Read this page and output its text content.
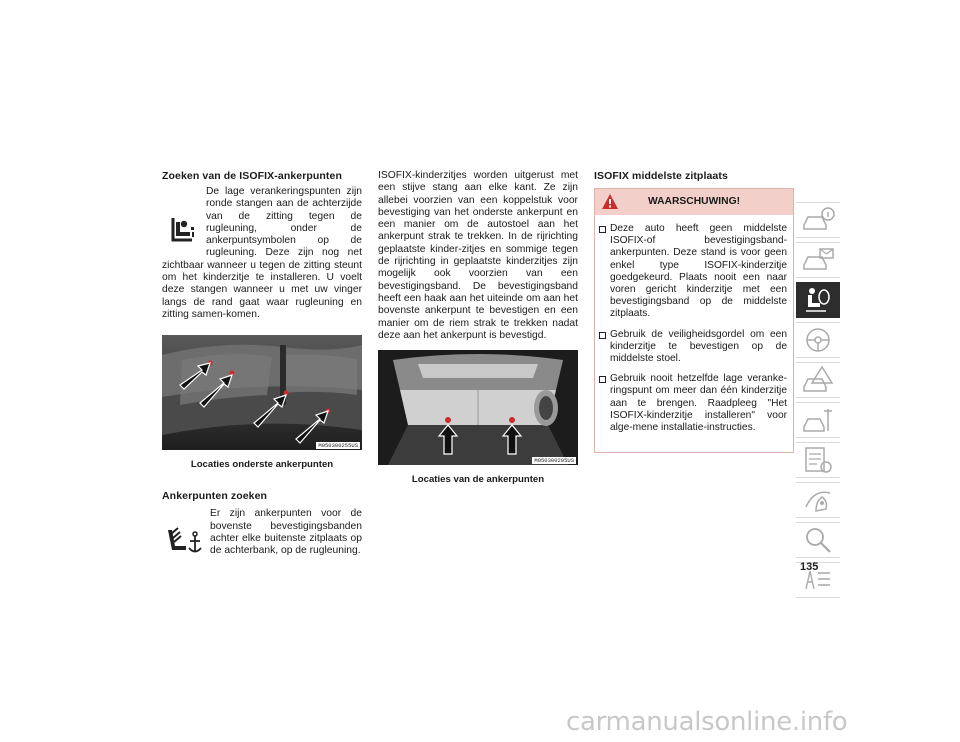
Zoeken van de ISOFIX-ankerpunten

De lage verankeringspunten zijn ronde stangen aan de achterzijde van de zitting tegen de rugleuning, onder de ankerpuntsymbolen op de rugleuning. Deze zijn nog net zichtbaar wanneer u tegen de zitting steunt om het kinderzitje te installeren. U voelt deze stangen wanneer u met uw vinger langs de rand gaat waar rugleuning en zitting samen-komen.

M050300255US
Locaties onderste ankerpunten
Ankerpunten zoeken

Er zijn ankerpunten voor de bovenste bevestigingsbanden achter elke buitenste zitplaats op de achterbank, op de rugleuning.

ISOFIX-kinderzitjes worden uitgerust met een stijve stang aan elke kant. Ze zijn allebei voorzien van een koppelstuk voor bevestiging van het onderste ankerpunt en een manier om de autostoel aan het ankerpunt strak te trekken. In de rijrichting geplaatste kinder-zitjes en sommige tegen de rijrichting in geplaatste kinderzitjes zijn mogelijk ook voorzien van een bevestigingsband. De bevestigingsband heeft een haak aan het uiteinde om aan het bovenste ankerpunt te bevestigen en een manier om de riem strak te trekken nadat deze aan het ankerpunt is bevestigd.

M050300295US
Locaties van de ankerpunten
ISOFIX middelste zitplaats
WAARSCHUWING!
Deze auto heeft geen middelste ISOFIX-of bevestigingsband-ankerpunten. Deze stand is voor geen enkel type ISOFIX-kinderzitje goedgekeurd. Plaats nooit een naar voren gericht kinderzitje met een bevestigingsband op de middelste zitplaats.
Gebruik de veiligheidsgordel om een kinderzitje te bevestigen op de middelste stoel.
Gebruik nooit hetzelfde lage veranke-ringspunt om meer dan één kinderzitje aan te brengen. Raadpleeg "Het ISOFIX-kinderzitje installeren" voor alge-mene installatie-instructies.
135
carmanualsonline.info
